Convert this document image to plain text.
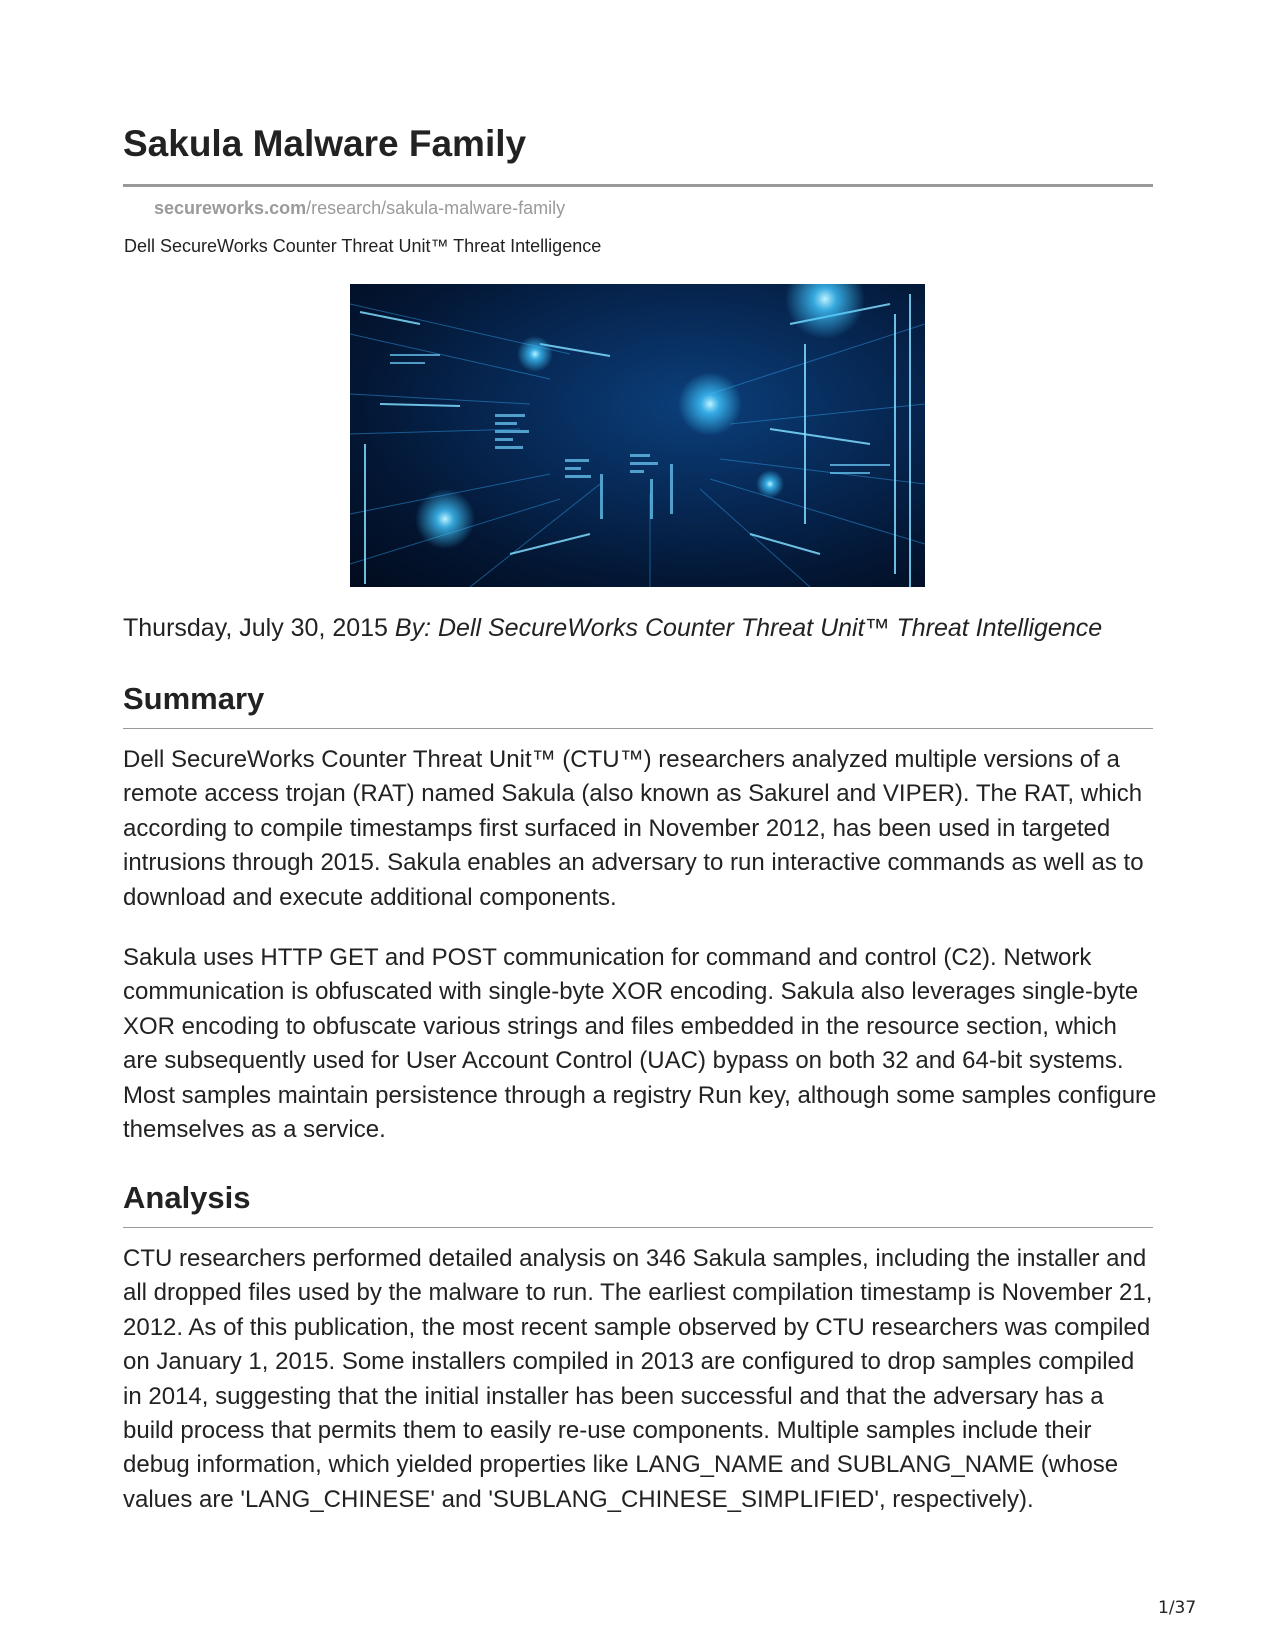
Sakula Malware Family
secureworks.com/research/sakula-malware-family
Dell SecureWorks Counter Threat Unit™ Threat Intelligence
Thursday, July 30, 2015 By: Dell SecureWorks Counter Threat Unit™ Threat Intelligence
Summary

Dell SecureWorks Counter Threat Unit™ (CTU™) researchers analyzed multiple versions of a remote access trojan (RAT) named Sakula (also known as Sakurel and VIPER). The RAT, which according to compile timestamps first surfaced in November 2012, has been used in targeted intrusions through 2015. Sakula enables an adversary to run interactive commands as well as to download and execute additional components.

Sakula uses HTTP GET and POST communication for command and control (C2). Network communication is obfuscated with single-byte XOR encoding. Sakula also leverages single-byte XOR encoding to obfuscate various strings and files embedded in the resource section, which are subsequently used for User Account Control (UAC) bypass on both 32 and 64-bit systems. Most samples maintain persistence through a registry Run key, although some samples configure themselves as a service.

Analysis

CTU researchers performed detailed analysis on 346 Sakula samples, including the installer and all dropped files used by the malware to run. The earliest compilation timestamp is November 21, 2012. As of this publication, the most recent sample observed by CTU researchers was compiled on January 1, 2015. Some installers compiled in 2013 are configured to drop samples compiled in 2014, suggesting that the initial installer has been successful and that the adversary has a build process that permits them to easily re-use components. Multiple samples include their debug information, which yielded properties like LANG_NAME and SUBLANG_NAME (whose values are 'LANG_CHINESE' and 'SUBLANG_CHINESE_SIMPLIFIED', respectively).

1/37
